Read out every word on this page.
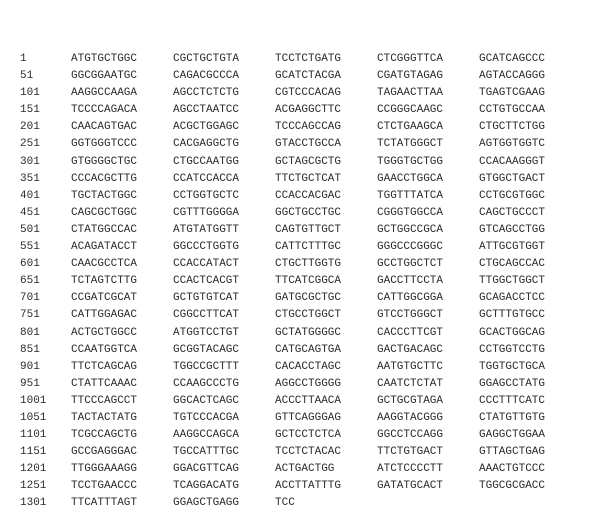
1	ATGTGCTGGC	CGCTGCTGTA	TCCTCTGATG	CTCGGGTTCA	GCATCAGCCC
51	GGCGGAATGC	CAGACGCCCA	GCATCTACGA	CGATGTAGAG	AGTACCAGGG
101	AAGGCCAAGA	AGCCTCTCTG	CGTCCCACAG	TAGAACTTAA	TGAGTCGAAG
151	TCCCCAGACA	AGCCTAATCC	ACGAGGCTTC	CCGGGCAAGC	CCTGTGCCAA
201	CAACAGTGAC	ACGCTGGAGC	TCCCAGCCAG	CTCTGAAGCA	CTGCTTCTGG
251	GGTGGGTCCC	CACGAGGCTG	GTACCTGCCA	TCTATGGGCT	AGTGGTGGTC
301	GTGGGGCTGC	CTGCCAATGG	GCTAGCGCTG	TGGGTGCTGG	CCACAAGGGT
351	CCCACGCTTG	CCATCCACCA	TTCTGCTCAT	GAACCTGGCA	GTGGCTGACT
401	TGCTACTGGC	CCTGGTGCTC	CCACCACGAC	TGGTTTATCA	CCTGCGTGGC
451	CAGCGCTGGC	CGTTTGGGGA	GGCTGCCTGC	CGGGTGGCCA	CAGCTGCCCT
501	CTATGGCCAC	ATGTATGGTT	CAGTGTTGCT	GCTGGCCGCA	GTCAGCCTGG
551	ACAGATACCT	GGCCCTGGTG	CATTCTTTGC	GGGCCCGGGC	ATTGCGTGGT
601	CAACGCCTCA	CCACCATACT	CTGCTTGGTG	GCCTGGCTCT	CTGCAGCCAC
651	TCTAGTCTTG	CCACTCACGT	TTCATCGGCA	GACCTTCCTA	TTGGCTGGCT
701	CCGATCGCAT	GCTGTGTCAT	GATGCGCTGC	CATTGGCGGA	GCAGACCTCC
751	CATTGGAGAC	CGGCCTTCAT	CTGCCTGGCT	GTCCTGGGCT	GCTTTGTGCC
801	ACTGCTGGCC	ATGGTCCTGT	GCTATGGGGC	CACCCTTCGT	GCACTGGCAG
851	CCAATGGTCA	GCGGTACAGC	CATGCAGTGA	GACTGACAGC	CCTGGTCCTG
901	TTCTCAGCAG	TGGCCGCTTT	CACACCTAGC	AATGTGCTTC	TGGTGCTGCA
951	CTATTCAAAC	CCAAGCCCTG	AGGCCTGGGG	CAATCTCTAT	GGAGCCTATG
1001	TTCCCAGCCT	GGCACTCAGC	ACCCTTAACA	GCTGCGTAGA	CCCTTTCATC
1051	TACTACTATG	TGTCCCACGA	GTTCAGGGAG	AAGGTACGGG	CTATGTTGTG
1101	TCGCCAGCTG	AAGGCCAGCA	GCTCCTCTCA	GGCCTCCAGG	GAGGCTGGAA
1151	GCCGAGGGAC	TGCCATTTGC	TCCTCTACAC	TTCTGTGACT	GTTAGCTGAG
1201	TTGGGAAAGG	GGACGTTCAG	ACTGACTGG	ATCTCCCCTT	AAACTGTCCC
1251	TCCTGAACCC	TCAGGACATG	ACCTTATTTG	GATATGCACT	TGGCGCGACC
1301	TTCATTTAGT	GGAGCTGAGG	TCC
